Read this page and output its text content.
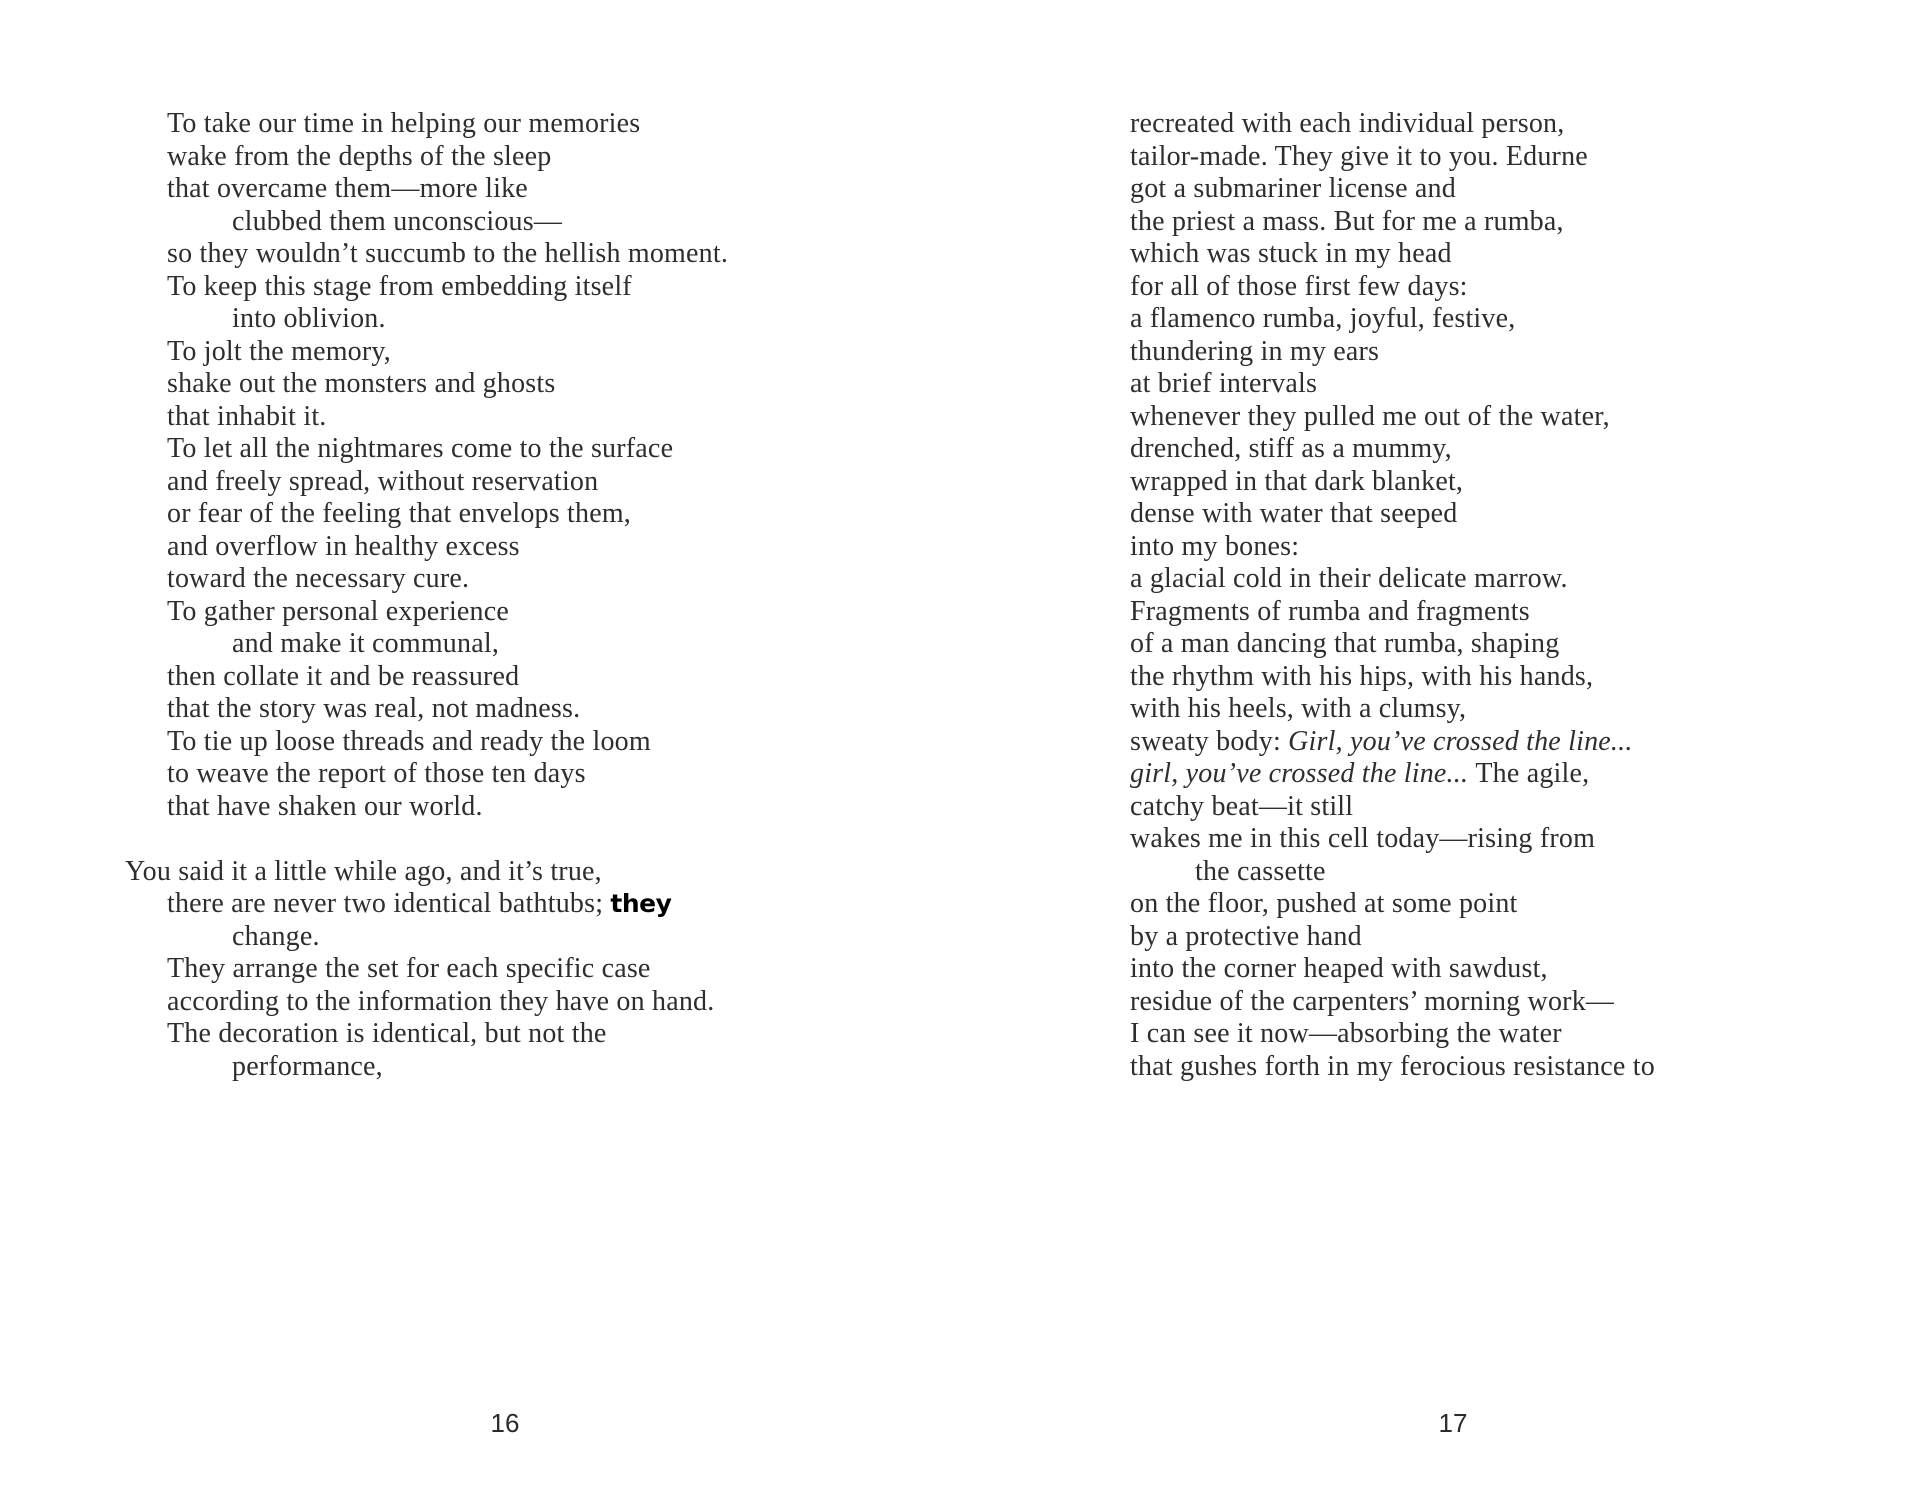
To take our time in helping our memories
wake from the depths of the sleep
that overcame them—more like
clubbed them unconscious—
so they wouldn’t succumb to the hellish moment.
To keep this stage from embedding itself
into oblivion.
To jolt the memory,
shake out the monsters and ghosts
that inhabit it.
To let all the nightmares come to the surface
and freely spread, without reservation
or fear of the feeling that envelops them,
and overflow in healthy excess
toward the necessary cure.
To gather personal experience
and make it communal,
then collate it and be reassured
that the story was real, not madness.
To tie up loose threads and ready the loom
to weave the report of those ten days
that have shaken our world.
You said it a little while ago, and it’s true,
there are never two identical bathtubs; they
change.
They arrange the set for each specific case
according to the information they have on hand.
The decoration is identical, but not the
performance,
16
recreated with each individual person,
tailor-made. They give it to you. Edurne
got a submariner license and
the priest a mass. But for me a rumba,
which was stuck in my head
for all of those first few days:
a flamenco rumba, joyful, festive,
thundering in my ears
at brief intervals
whenever they pulled me out of the water,
drenched, stiff as a mummy,
wrapped in that dark blanket,
dense with water that seeped
into my bones:
a glacial cold in their delicate marrow.
Fragments of rumba and fragments
of a man dancing that rumba, shaping
the rhythm with his hips, with his hands,
with his heels, with a clumsy,
sweaty body: Girl, you’ve crossed the line...
girl, you’ve crossed the line... The agile,
catchy beat—it still
wakes me in this cell today—rising from
the cassette
on the floor, pushed at some point
by a protective hand
into the corner heaped with sawdust,
residue of the carpenters’ morning work—
I can see it now—absorbing the water
that gushes forth in my ferocious resistance to
17
